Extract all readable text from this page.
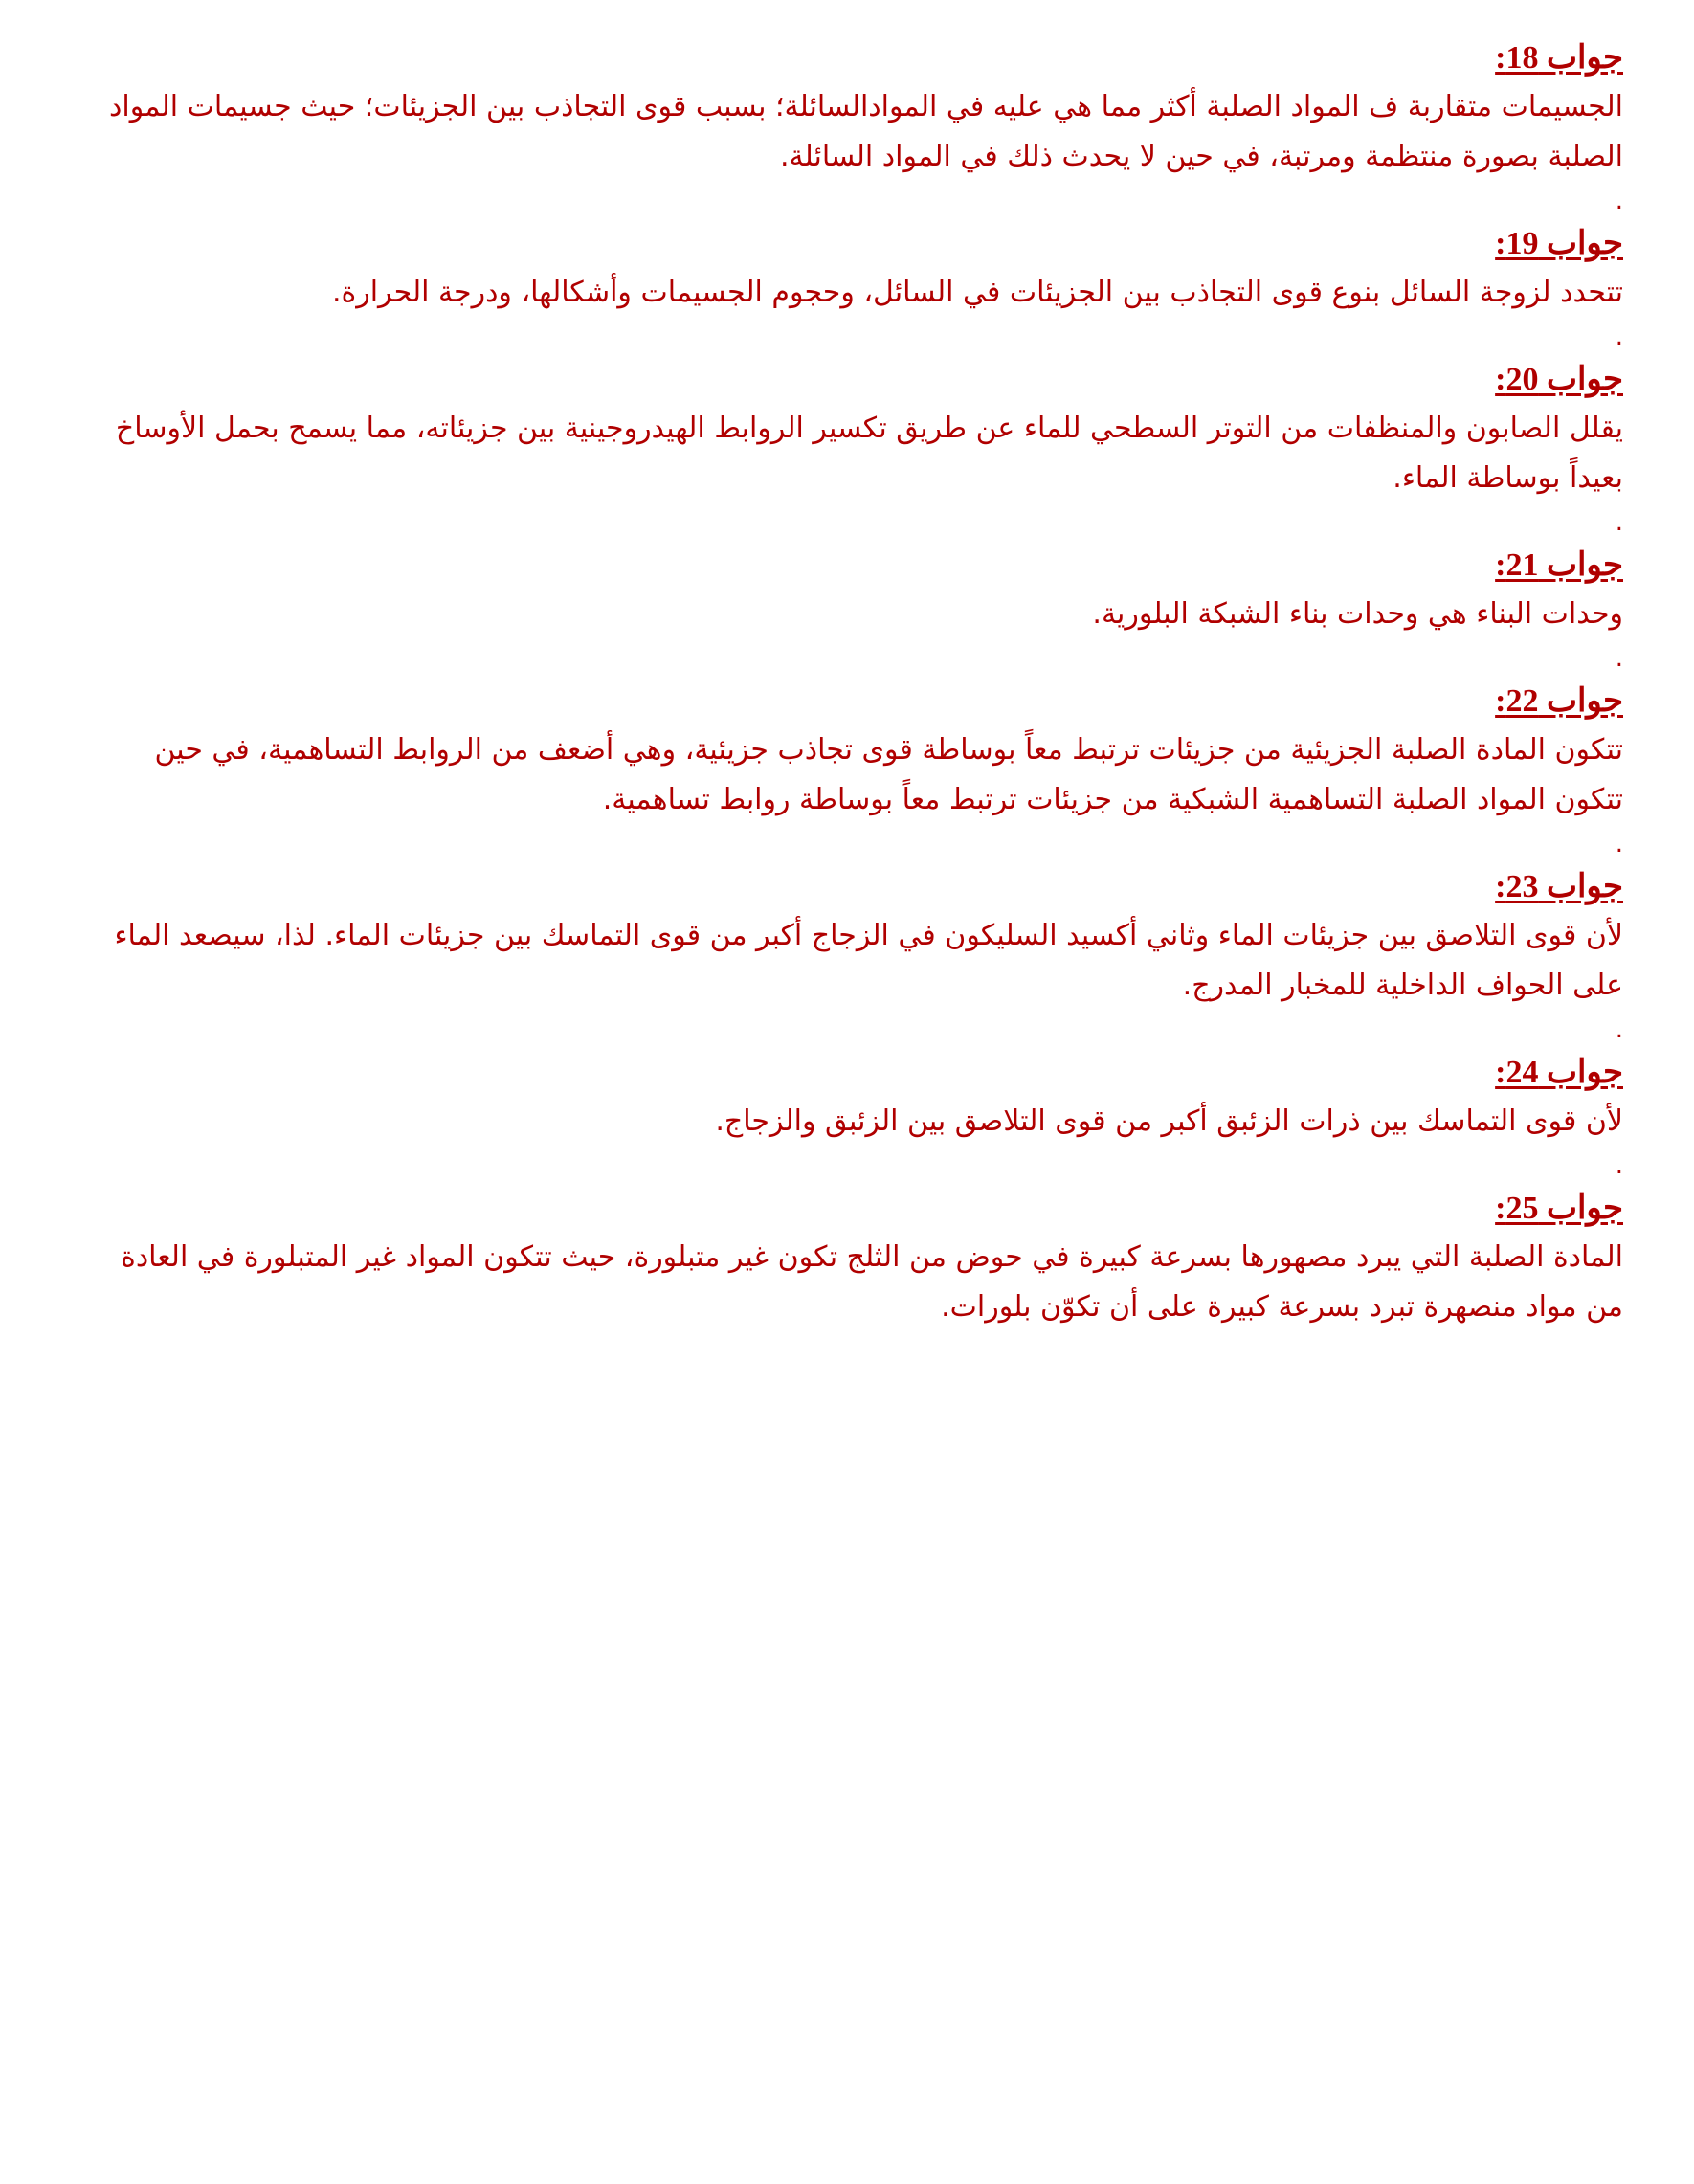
جواب 18:
الجسيمات متقاربة ف المواد الصلبة أكثر مما هي عليه في الموادالسائلة؛ بسبب قوى التجاذب بين الجزيئات؛ حيث جسيمات المواد الصلبة بصورة منتظمة ومرتبة، في حين لا يحدث ذلك في المواد السائلة.
.
جواب 19:
تتحدد لزوجة السائل بنوع قوى التجاذب بين الجزيئات في السائل، وحجوم الجسيمات وأشكالها، ودرجة الحرارة.
.
جواب 20:
يقلل الصابون والمنظفات من التوتر السطحي للماء عن طريق تكسير الروابط الهيدروجينية بين جزيئاته، مما يسمح بحمل الأوساخ بعيداً بوساطة الماء.
.
جواب 21:
وحدات البناء هي وحدات بناء الشبكة البلورية.
.
جواب 22:
تتكون المادة الصلبة الجزيئية من جزيئات ترتبط معاً بوساطة قوى تجاذب جزيئية، وهي أضعف من الروابط التساهمية، في حين تتكون المواد الصلبة التساهمية الشبكية من جزيئات ترتبط معاً بوساطة روابط تساهمية.
.
جواب 23:
لأن قوى التلاصق بين جزيئات الماء وثاني أكسيد السليكون في الزجاج أكبر من قوى التماسك بين جزيئات الماء. لذا، سيصعد الماء على الحواف الداخلية للمخبار المدرج.
.
جواب 24:
لأن قوى التماسك بين ذرات الزئبق أكبر من قوى التلاصق بين الزئبق والزجاج.
.
جواب 25:
المادة الصلبة التي يبرد مصهورها بسرعة كبيرة في حوض من الثلج تكون غير متبلورة، حيث تتكون المواد غير المتبلورة في العادة من مواد منصهرة تبرد بسرعة كبيرة على أن تكوّن بلورات.
